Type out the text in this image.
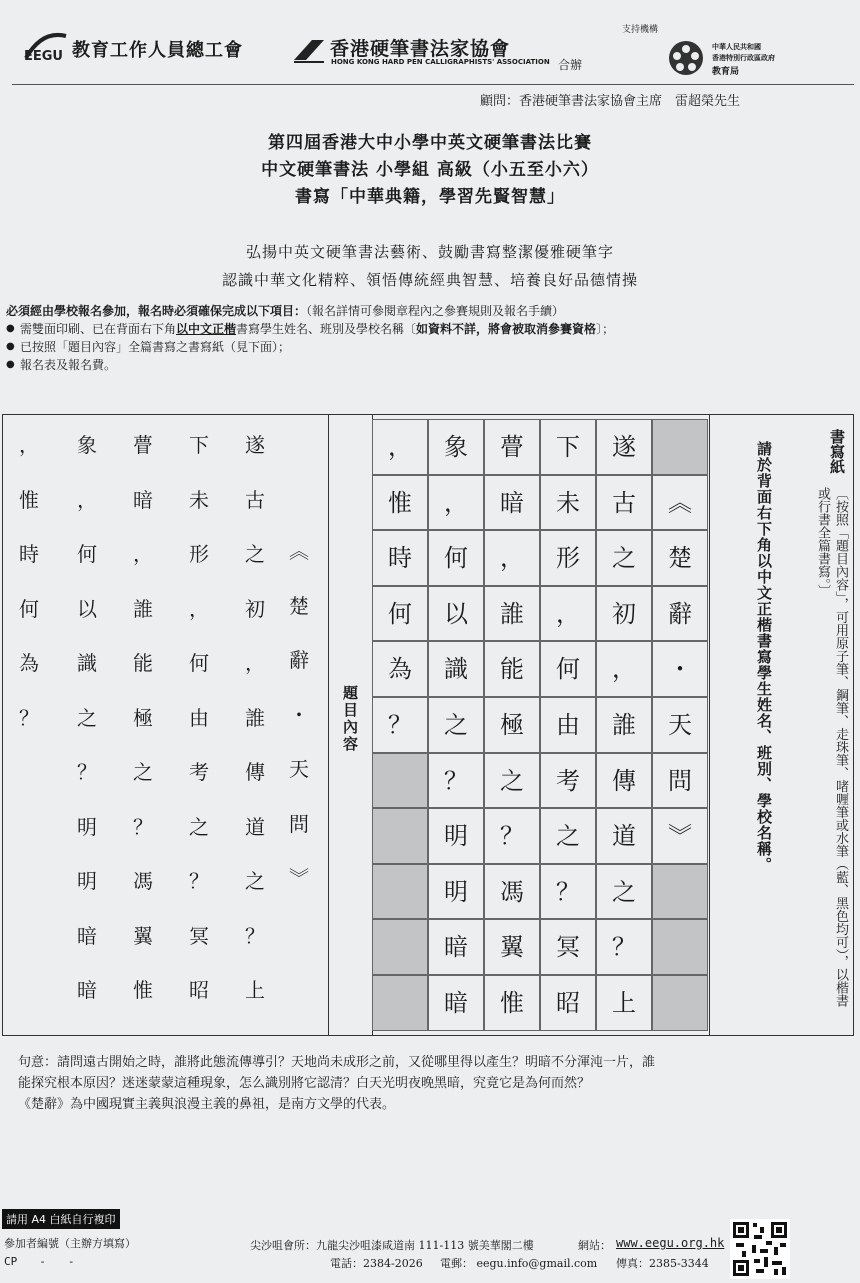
EEGU 教育工作人員總工會	香港硬筆書法家協會
HONG KONG HARD PEN CALLIGRAPHISTS' ASSOCIATION 合辦
支持機構
中華人民共和國
香港特別行政區政府
教育局
顧問：香港硬筆書法家協會主席　雷超榮先生
第四屆香港大中小學中英文硬筆書法比賽
中文硬筆書法 小學組 高級（小五至小六）
書寫「中華典籍，學習先賢智慧」
弘揚中英文硬筆書法藝術、鼓勵書寫整潔優雅硬筆字
認識中華文化精粹、領悟傳統經典智慧、培養良好品德情操
必須經由學校報名參加，報名時必須確保完成以下項目：（報名詳情可參閱章程內之參賽規則及報名手續）
● 需雙面印刷、已在背面右下角以中文正楷書寫學生姓名、班別及學校名稱〔如資料不詳，將會被取消參賽資格〕；
● 已按照「題目內容」全篇書寫之書寫紙（見下面）；
● 報名表及報名費。
遂
古
之
初
，
誰
傳
道
之
？
上
下
未
形
，
何
由
考
之
？
冥
昭
瞢
暗
，
誰
能
極
之
？
馮
翼
惟
象
，
何
以
識
之
？
明
明
暗
暗
，
惟
時
何
為
？
︽
楚
辭
・
天
問
︾
題目內容
︽
楚
辭
・
天
問
︾
遂
古
之
初
，
誰
傳
道
之
？
上
下
未
形
，
何
由
考
之
？
冥
昭
瞢
暗
，
誰
能
極
之
？
馮
翼
惟
象
，
何
以
識
之
？
明
明
暗
暗
，
惟
時
何
為
？
書寫紙
〔按照「題目內容」，可用原子筆、鋼筆、走珠筆、啫喱筆或水筆（藍、黑色均可），以楷書或行書全篇書寫。〕
請於背面右下角以中文正楷書寫學生姓名、班別、學校名稱。
句意：請問遠古開始之時，誰將此態流傳導引？天地尚未成形之前，又從哪里得以產生？明暗不分渾沌一片，誰
能探究根本原因？迷迷蒙蒙這種現象，怎么識別將它認清？白天光明夜晚黑暗，究竟它是為何而然？
《楚辭》為中國現實主義與浪漫主義的鼻祖，是南方文學的代表。
請用 A4 白紙自行複印
參加者編號（主辦方填寫）
CP　　-　　-
尖沙咀會所：九龍尖沙咀漆咸道南 111-113 號美華閣二樓	網站： www.eegu.org.hk
電話：2384-2026 電郵： eegu.info@gmail.com 傳真：2385-3344
